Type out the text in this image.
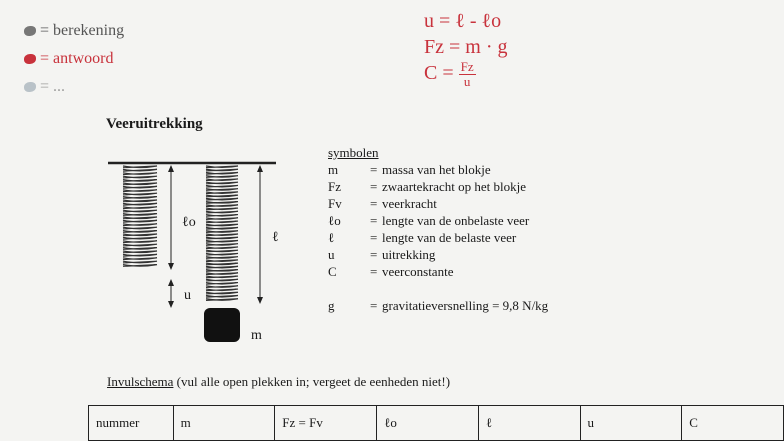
= berekening
= antwoord
= ...
u = ℓ - ℓo
Fz = m · g
$C = \frac{Fz}{u}$
Veeruitrekking
ℓo
u
ℓ
m
symbolen
m	= massa van het blokje
Fz	= zwaartekracht op het blokje
Fv	= veerkracht
ℓo	= lengte van de onbelaste veer
ℓ	= lengte van de belaste veer
u	= uitrekking
C	= veerconstante
g	= gravitatieversnelling = 9,8 N/kg
Invulschema (vul alle open plekken in; vergeet de eenheden niet!)
nummer	m	Fz = Fv	ℓo	ℓ	u	C
